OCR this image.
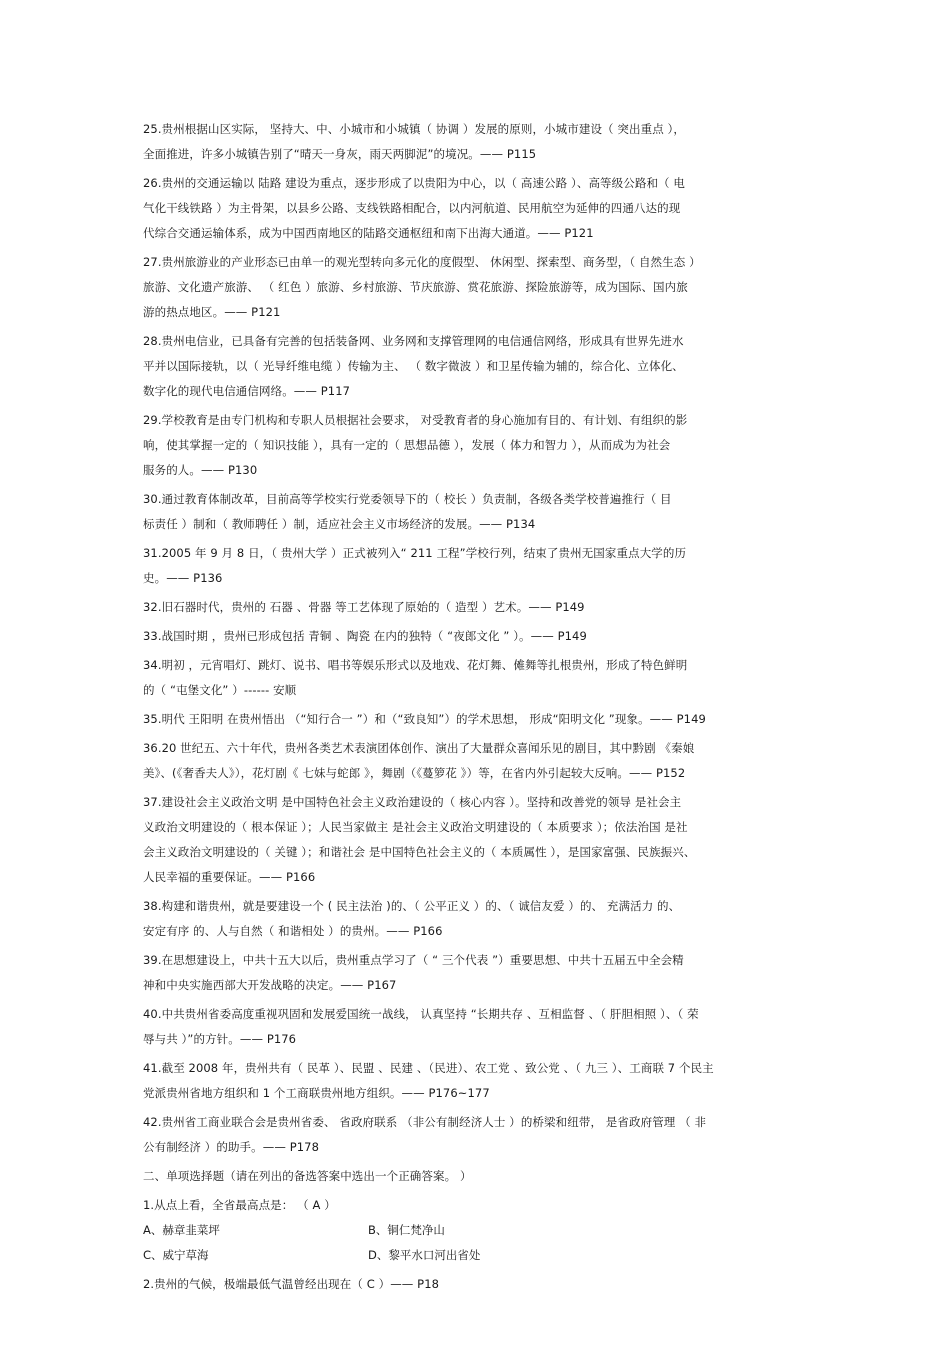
25.贵州根据山区实际， 坚持大、中、小城市和小城镇（ 协调 ）发展的原则，小城市建设（ 突出重点 ），
全面推进，许多小城镇告别了“晴天一身灰，雨天两脚泥”的境况。—— P115
26.贵州的交通运输以 陆路 建设为重点，逐步形成了以贵阳为中心，以（ 高速公路 ）、高等级公路和（ 电
气化干线铁路 ）为主骨架，以县乡公路、支线铁路相配合，以内河航道、民用航空为延伸的四通八达的现
代综合交通运输体系，成为中国西南地区的陆路交通枢纽和南下出海大通道。—— P121
27.贵州旅游业的产业形态已由单一的观光型转向多元化的度假型、 休闲型、探索型、商务型，（ 自然生态 ）
旅游、文化遗产旅游、 （ 红色 ）旅游、乡村旅游、节庆旅游、赏花旅游、探险旅游等，成为国际、国内旅
游的热点地区。—— P121
28.贵州电信业，已具备有完善的包括装备网、业务网和支撑管理网的电信通信网络，形成具有世界先进水
平并以国际接轨，以（ 光导纤维电缆 ）传输为主、 （ 数字微波 ）和卫星传输为辅的，综合化、立体化、
数字化的现代电信通信网络。—— P117
29.学校教育是由专门机构和专职人员根据社会要求， 对受教育者的身心施加有目的、有计划、有组织的影
响，使其掌握一定的（ 知识技能 ），具有一定的（ 思想品德 ），发展（ 体力和智力 ），从而成为为社会
服务的人。—— P130
30.通过教育体制改革，目前高等学校实行党委领导下的（ 校长 ）负责制，各级各类学校普遍推行（ 目
标责任 ）制和（ 教师聘任 ）制，适应社会主义市场经济的发展。—— P134
31.2005 年 9 月 8 日，（ 贵州大学 ）正式被列入“ 211 工程”学校行列，结束了贵州无国家重点大学的历
史。—— P136
32.旧石器时代，贵州的 石器 、骨器 等工艺体现了原始的（ 造型 ）艺术。—— P149
33.战国时期 ，贵州已形成包括 青铜 、陶瓷 在内的独特（ “夜郎文化 ” ）。—— P149
34.明初 ，元宵唱灯、跳灯、说书、唱书等娱乐形式以及地戏、花灯舞、傩舞等扎根贵州，形成了特色鲜明
的（ “屯堡文化” ）------ 安顺
35.明代 王阳明 在贵州悟出 （“知行合一 ”）和（“致良知”）的学术思想， 形成“阳明文化 ”现象。—— P149
36.20 世纪五、六十年代，贵州各类艺术表演团体创作、演出了大量群众喜闻乐见的剧目，其中黔剧 《秦娘
美》、(《奢香夫人》），花灯剧《 七妹与蛇郎 》，舞剧（《蔓箩花 》）等，在省内外引起较大反响。—— P152
37.建设社会主义政治文明 是中国特色社会主义政治建设的（ 核心内容 ）。坚持和改善党的领导 是社会主
义政治文明建设的（ 根本保证 ）；人民当家做主 是社会主义政治文明建设的（ 本质要求 ）；依法治国 是社
会主义政治文明建设的（ 关键 ）；和谐社会 是中国特色社会主义的（ 本质属性 ），是国家富强、民族振兴、
人民幸福的重要保证。—— P166
38.构建和谐贵州，就是要建设一个 ( 民主法治 )的、（ 公平正义 ）的、（ 诚信友爱 ）的、 充满活力 的、
安定有序 的、人与自然（ 和谐相处 ）的贵州。—— P166
39.在思想建设上，中共十五大以后，贵州重点学习了（ “ 三个代表 ”）重要思想、中共十五届五中全会精
神和中央实施西部大开发战略的决定。—— P167
40.中共贵州省委高度重视巩固和发展爱国统一战线， 认真坚持 “长期共存 、互相监督 、（ 肝胆相照 ）、（ 荣
辱与共 ）”的方针。—— P176
41.截至 2008 年，贵州共有（ 民革 ）、民盟 、民建 、（民进）、农工党 、致公党 、（ 九三 ）、工商联 7 个民主
党派贵州省地方组织和 1 个工商联贵州地方组织。—— P176~177
42.贵州省工商业联合会是贵州省委、 省政府联系 （非公有制经济人士 ）的桥梁和纽带， 是省政府管理 （ 非
公有制经济 ）的助手。—— P178
二、单项选择题（请在列出的备选答案中选出一个正确答案。 ）
1.从点上看，全省最高点是： （ A ）
A、赫章韭菜坪	B、铜仁梵净山
C、威宁草海	D、黎平水口河出省处
2.贵州的气候，极端最低气温曾经出现在（ C ）—— P18
